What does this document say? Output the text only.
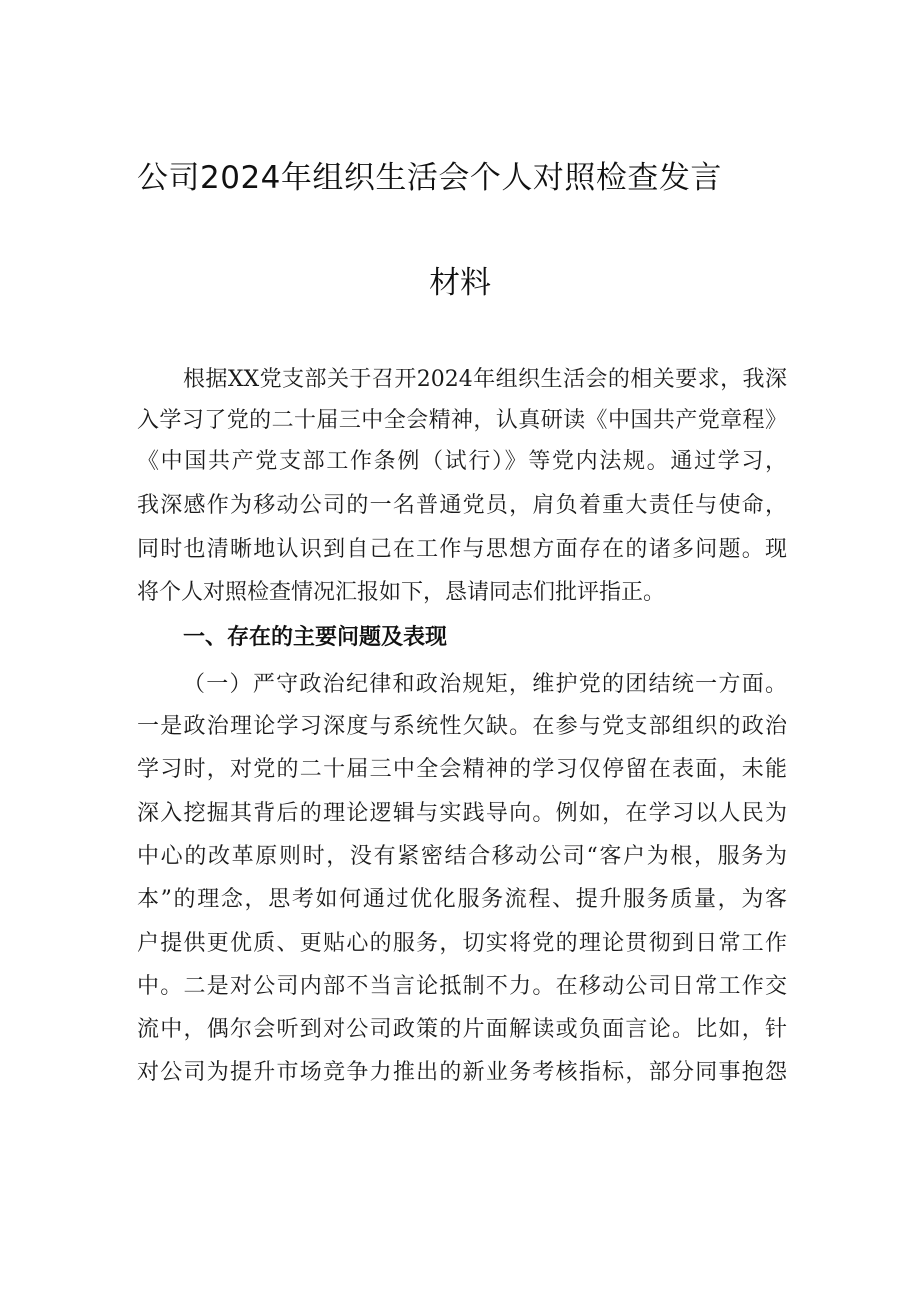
公司2024年组织生活会个人对照检查发言
材料

根据XX党支部关于召开2024年组织生活会的相关要求，我深

入学习了党的二十届三中全会精神，认真研读《中国共产党章程》

《中国共产党支部工作条例（试行）》等党内法规。通过学习，

我深感作为移动公司的一名普通党员，肩负着重大责任与使命，

同时也清晰地认识到自己在工作与思想方面存在的诸多问题。现

将个人对照检查情况汇报如下，恳请同志们批评指正。

一、存在的主要问题及表现

（一）严守政治纪律和政治规矩，维护党的团结统一方面。

一是政治理论学习深度与系统性欠缺。在参与党支部组织的政治

学习时，对党的二十届三中全会精神的学习仅停留在表面，未能

深入挖掘其背后的理论逻辑与实践导向。例如，在学习以人民为

中心的改革原则时，没有紧密结合移动公司“客户为根，服务为

本”的理念，思考如何通过优化服务流程、提升服务质量，为客

户提供更优质、更贴心的服务，切实将党的理论贯彻到日常工作

中。二是对公司内部不当言论抵制不力。在移动公司日常工作交

流中，偶尔会听到对公司政策的片面解读或负面言论。比如，针

对公司为提升市场竞争力推出的新业务考核指标，部分同事抱怨
